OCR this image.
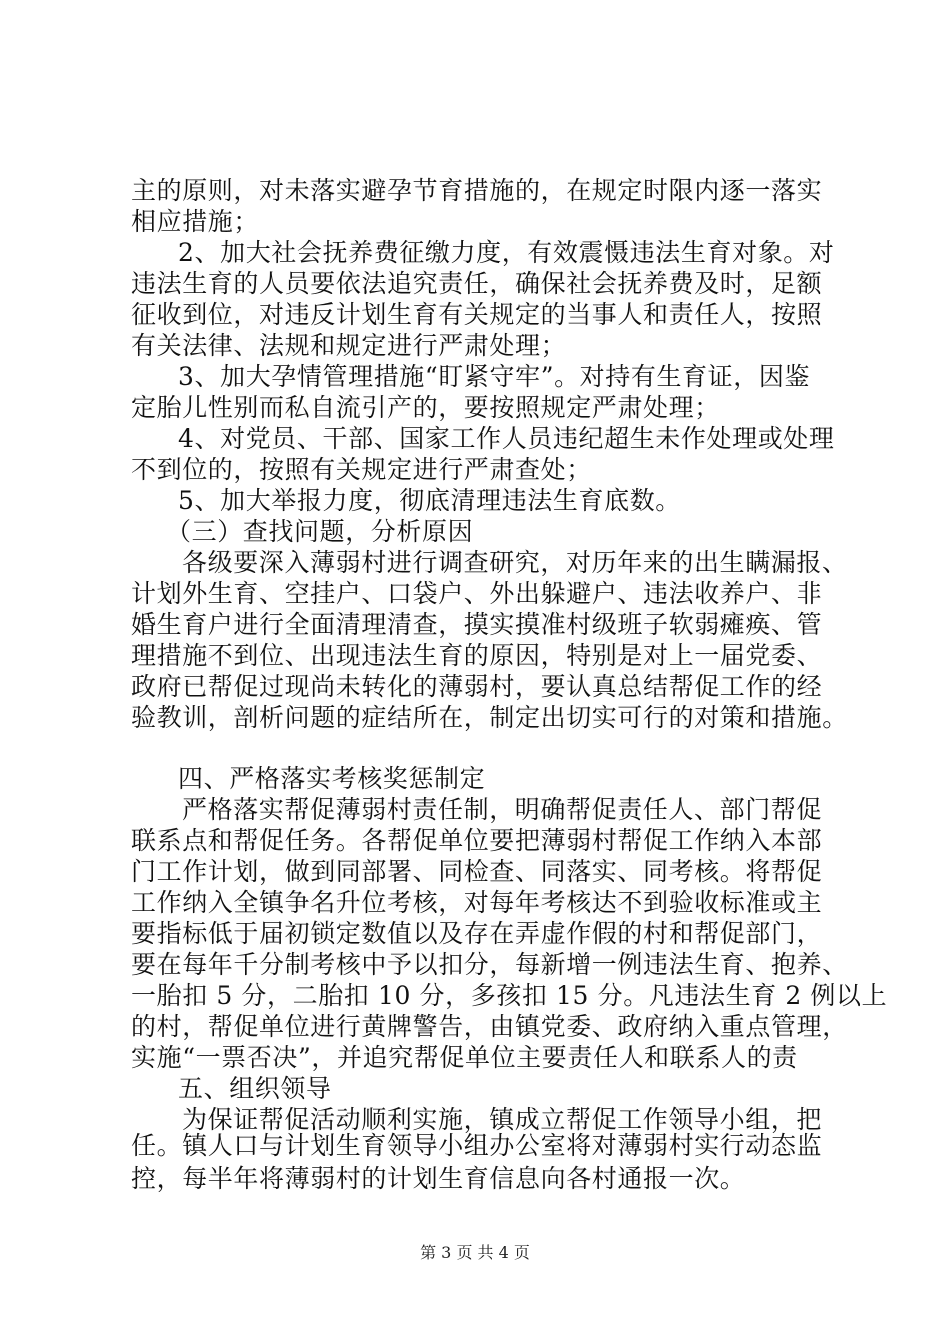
主的原则，对未落实避孕节育措施的，在规定时限内逐一落实
相应措施；
2、加大社会抚养费征缴力度，有效震慑违法生育对象。对
违法生育的人员要依法追究责任，确保社会抚养费及时，足额
征收到位，对违反计划生育有关规定的当事人和责任人，按照
有关法律、法规和规定进行严肃处理；
3、加大孕情管理措施“盯紧守牢”。对持有生育证，因鉴
定胎儿性别而私自流引产的，要按照规定严肃处理；
4、对党员、干部、国家工作人员违纪超生未作处理或处理
不到位的，按照有关规定进行严肃查处；
5、加大举报力度，彻底清理违法生育底数。
（三）查找问题，分析原因
各级要深入薄弱村进行调查研究，对历年来的出生瞒漏报、
计划外生育、空挂户、口袋户、外出躲避户、违法收养户、非
婚生育户进行全面清理清查，摸实摸准村级班子软弱瘫痪、管
理措施不到位、出现违法生育的原因，特别是对上一届党委、
政府已帮促过现尚未转化的薄弱村，要认真总结帮促工作的经
验教训，剖析问题的症结所在，制定出切实可行的对策和措施。
四、严格落实考核奖惩制定
严格落实帮促薄弱村责任制，明确帮促责任人、部门帮促
联系点和帮促任务。各帮促单位要把薄弱村帮促工作纳入本部
门工作计划，做到同部署、同检查、同落实、同考核。将帮促
工作纳入全镇争名升位考核，对每年考核达不到验收标准或主
要指标低于届初锁定数值以及存在弄虚作假的村和帮促部门，
要在每年千分制考核中予以扣分，每新增一例违法生育、抱养、
一胎扣 5 分，二胎扣 10 分，多孩扣 15 分。凡违法生育 2 例以上
的村，帮促单位进行黄牌警告，由镇党委、政府纳入重点管理，
实施“一票否决”，并追究帮促单位主要责任人和联系人的责
任。镇人口与计划生育领导小组办公室将对薄弱村实行动态监
控，每半年将薄弱村的计划生育信息向各村通报一次。
五、组织领导
为保证帮促活动顺利实施，镇成立帮促工作领导小组，把
第 3 页 共 4 页
